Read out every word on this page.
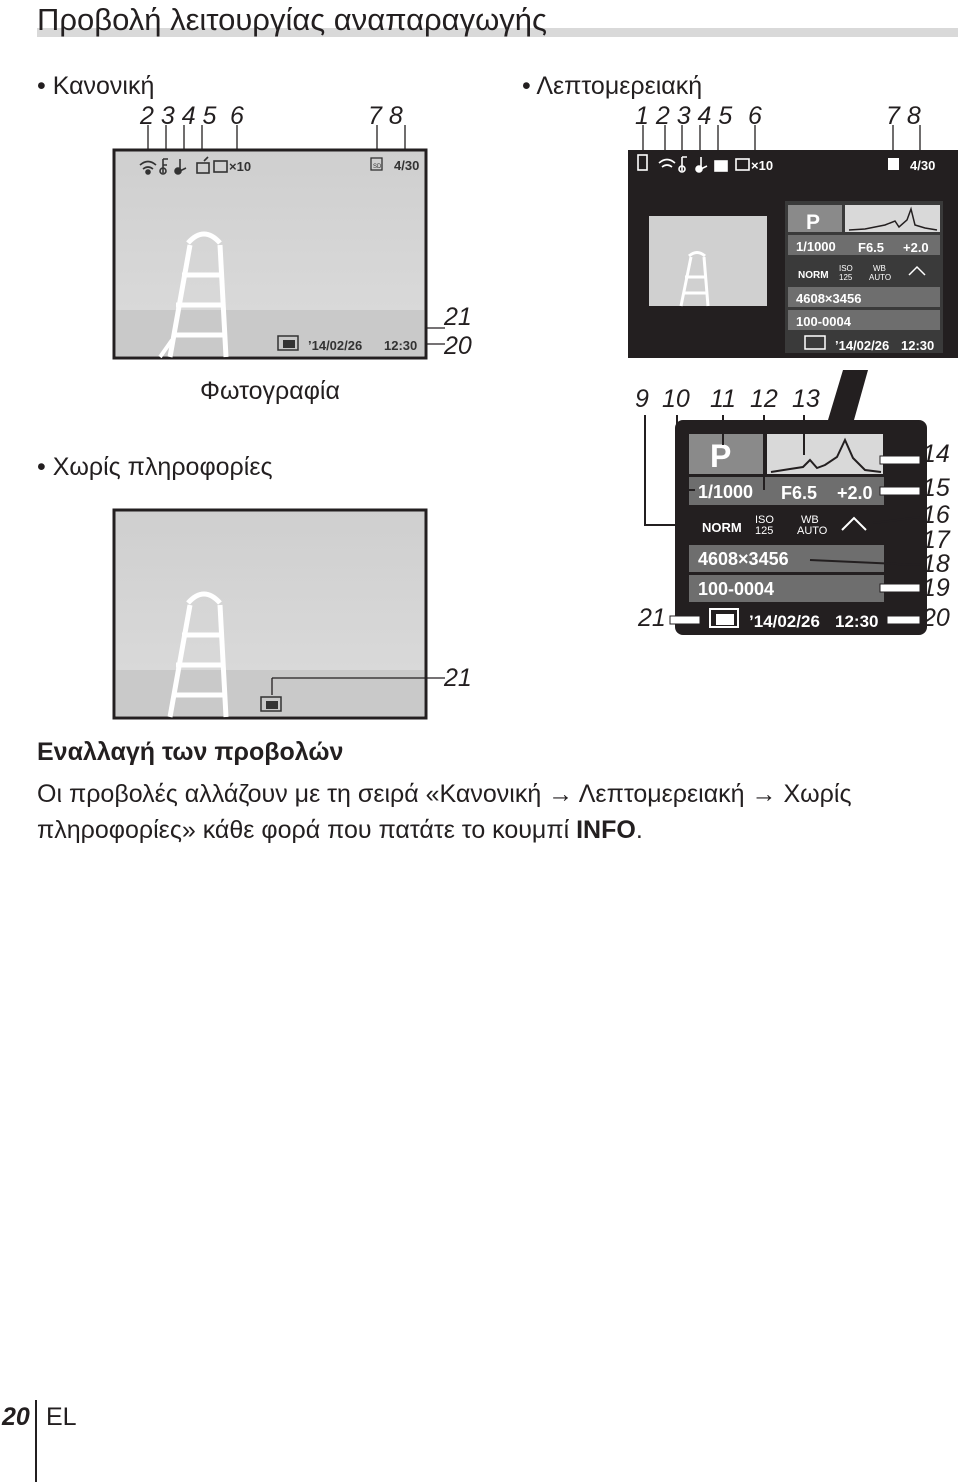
Προβολή λειτουργίας αναπαραγωγής
• Κανονική
2 3 4 5 6	7 8
×10	SD 4/30
’14/02/26 12:30
21
20
Φωτογραφία
• Λεπτομερειακή
1 2 3 4 5 6	7 8
×10	4/30
P
1/1000 F6.5 +2.0
NORM
ISO
125
WB
AUTO
4608×3456
100-0004
’14/02/26 12:30
P
1/1000 F6.5 +2.0
NORM ISO
125
WB
AUTO
4608×3456
100-0004
’14/02/26 12:30
9 10 11 12 13
14
15
16
17
18
19
20
21
• Χωρίς πληροφορίες
21
Εναλλαγή των προβολών
Οι προβολές αλλάζουν με τη σειρά «Κανονική → Λεπτομερειακή → Χωρίς
πληροφορίες» κάθε φορά που πατάτε το κουμπί INFO.
20 EL
